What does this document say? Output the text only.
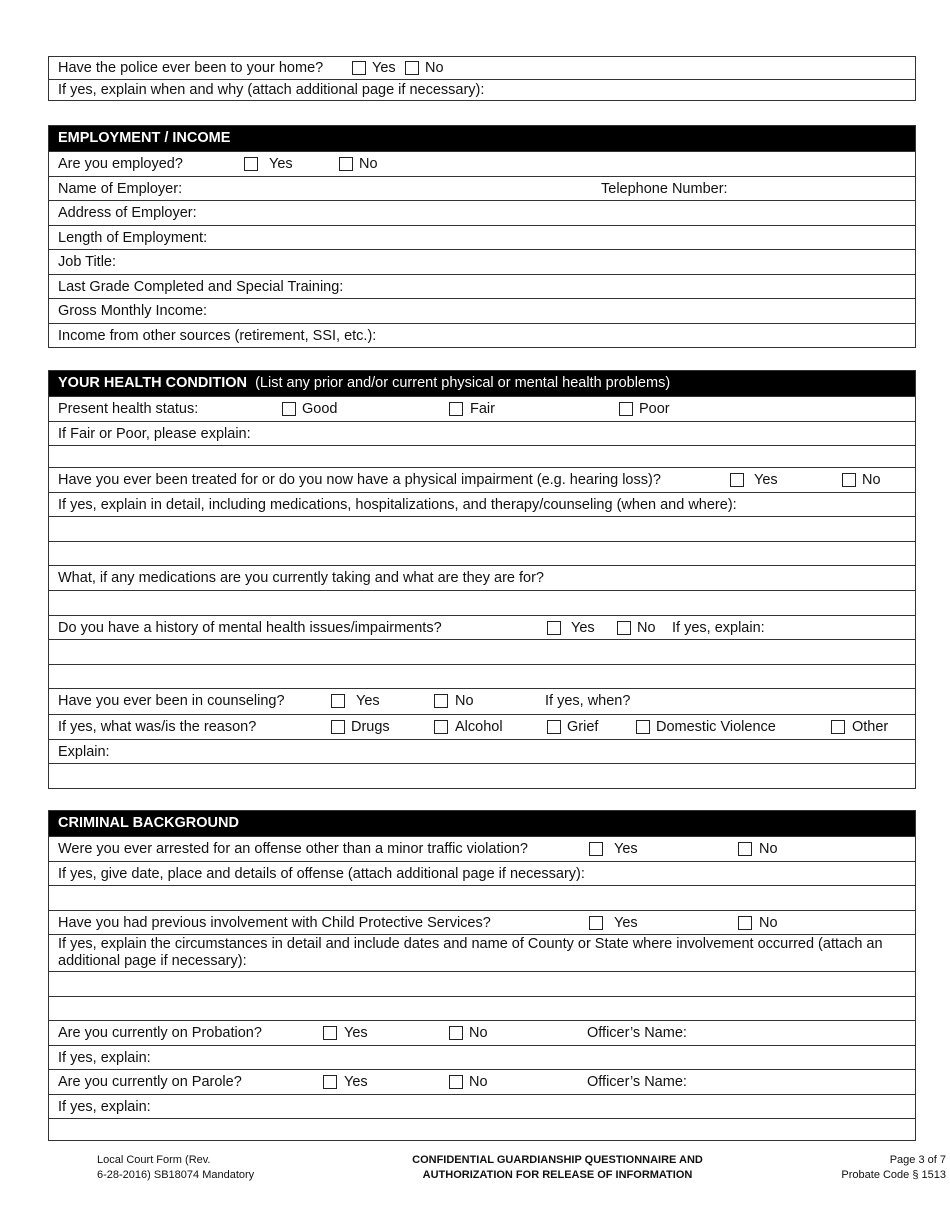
Have the police ever been to your home?	Yes No
If yes, explain when and why (attach additional page if necessary):
EMPLOYMENT / INCOME
Are you employed?	Yes	No
Name of Employer:	Telephone Number:
Address of Employer:
Length of Employment:
Job Title:
Last Grade Completed and Special Training:
Gross Monthly Income:
Income from other sources (retirement, SSI, etc.):
YOUR HEALTH CONDITION (List any prior and/or current physical or mental health problems)
Present health status:	Good	Fair	Poor
If Fair or Poor, please explain:
Have you ever been treated for or do you now have a physical impairment (e.g. hearing loss)?	Yes	No
If yes, explain in detail, including medications, hospitalizations, and therapy/counseling (when and where):
What, if any medications are you currently taking and what are they are for?
Do you have a history of mental health issues/impairments?	Yes	No If yes, explain:
Have you ever been in counseling?	Yes	No	If yes, when?
If yes, what was/is the reason?	Drugs	Alcohol	Grief	Domestic Violence	Other
Explain:
CRIMINAL BACKGROUND
Were you ever arrested for an offense other than a minor traffic violation?	Yes	No
If yes, give date, place and details of offense (attach additional page if necessary):
Have you had previous involvement with Child Protective Services?	Yes	No
If yes, explain the circumstances in detail and include dates and name of County or State where involvement occurred (attach an additional page if necessary):
Are you currently on Probation?	Yes	No	Officer’s Name:
If yes, explain:
Are you currently on Parole?	Yes	No	Officer’s Name:
If yes, explain:
Local Court Form (Rev.
6-28-2016) SB18074 Mandatory
CONFIDENTIAL GUARDIANSHIP QUESTIONNAIRE AND
AUTHORIZATION FOR RELEASE OF INFORMATION
Page 3 of 7
Probate Code § 1513
